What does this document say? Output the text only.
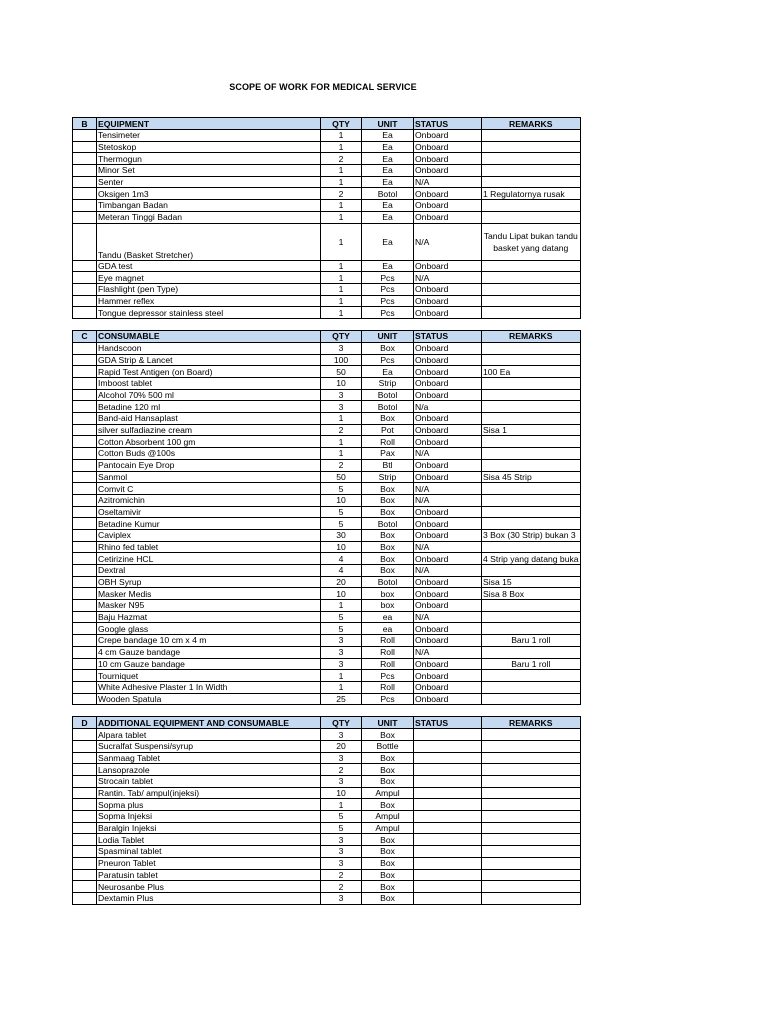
SCOPE OF WORK FOR MEDICAL SERVICE
B	EQUIPMENT	QTY	UNIT	STATUS	REMARKS
	Tensimeter	1	Ea	Onboard	
	Stetoskop	1	Ea	Onboard	
	Thermogun	2	Ea	Onboard	
	Minor Set	1	Ea	Onboard	
	Senter	1	Ea	N/A	
	Oksigen 1m3	2	Botol	Onboard	1 Regulatornya rusak
	Timbangan Badan	1	Ea	Onboard	
	Meteran Tinggi Badan	1	Ea	Onboard	
	Tandu (Basket Stretcher)	1	Ea	N/A	Tandu Lipat bukan tandu basket yang datang
	GDA test	1	Ea	Onboard	
	Eye magnet	1	Pcs	N/A	
	Flashlight (pen Type)	1	Pcs	Onboard	
	Hammer reflex	1	Pcs	Onboard	
	Tongue depressor stainless steel	1	Pcs	Onboard	

C	CONSUMABLE	QTY	UNIT	STATUS	REMARKS
	Handscoon	3	Box	Onboard	
	GDA Strip & Lancet	100	Pcs	Onboard	
	Rapid Test Antigen (on Board)	50	Ea	Onboard	100 Ea
	Imboost tablet	10	Strip	Onboard	
	Alcohol 70% 500 ml	3	Botol	Onboard	
	Betadine 120 ml	3	Botol	N/a	
	Band-aid Hansaplast	1	Box	Onboard	
	silver sulfadiazine cream	2	Pot	Onboard	Sisa 1
	Cotton Absorbent 100 gm	1	Roll	Onboard	
	Cotton Buds @100s	1	Pax	N/A	
	Pantocain Eye Drop	2	Btl	Onboard	
	Sanmol	50	Strip	Onboard	Sisa 45 Strip
	Comvit C	5	Box	N/A	
	Azitromichin	10	Box	N/A	
	Oseltamivir	5	Box	Onboard	
	Betadine Kumur	5	Botol	Onboard	
	Caviplex	30	Box	Onboard	3 Box (30 Strip) bukan 3
	Rhino fed tablet	10	Box	N/A	
	Cetirizine HCL	4	Box	Onboard	4 Strip yang datang buka
	Dextral	4	Box	N/A	
	OBH Syrup	20	Botol	Onboard	Sisa 15
	Masker Medis	10	box	Onboard	Sisa 8 Box
	Masker N95	1	box	Onboard	
	Baju Hazmat	5	ea	N/A	
	Google glass	5	ea	Onboard	
	Crepe bandage 10 cm x 4 m	3	Roll	Onboard	Baru 1 roll
	4 cm Gauze bandage	3	Roll	N/A	
	10 cm Gauze bandage	3	Roll	Onboard	Baru 1 roll
	Tourniquet	1	Pcs	Onboard	
	White Adhesive Plaster 1 In Width	1	Roll	Onboard	
	Wooden Spatula	25	Pcs	Onboard	

D	ADDITIONAL EQUIPMENT AND CONSUMABLE	QTY	UNIT	STATUS	REMARKS
	Alpara tablet	3	Box		
	Sucralfat Suspensi/syrup	20	Bottle		
	Sanmaag Tablet	3	Box		
	Lansoprazole	2	Box		
	Strocain tablet	3	Box		
	Rantin. Tab/ ampul(injeksi)	10	Ampul		
	Sopma plus	1	Box		
	Sopma Injeksi	5	Ampul		
	Baralgin Injeksi	5	Ampul		
	Lodia Tablet	3	Box		
	Spasminal tablet	3	Box		
	Pneuron Tablet	3	Box		
	Paratusin tablet	2	Box		
	Neurosanbe Plus	2	Box		
	Dextamin Plus	3	Box		
